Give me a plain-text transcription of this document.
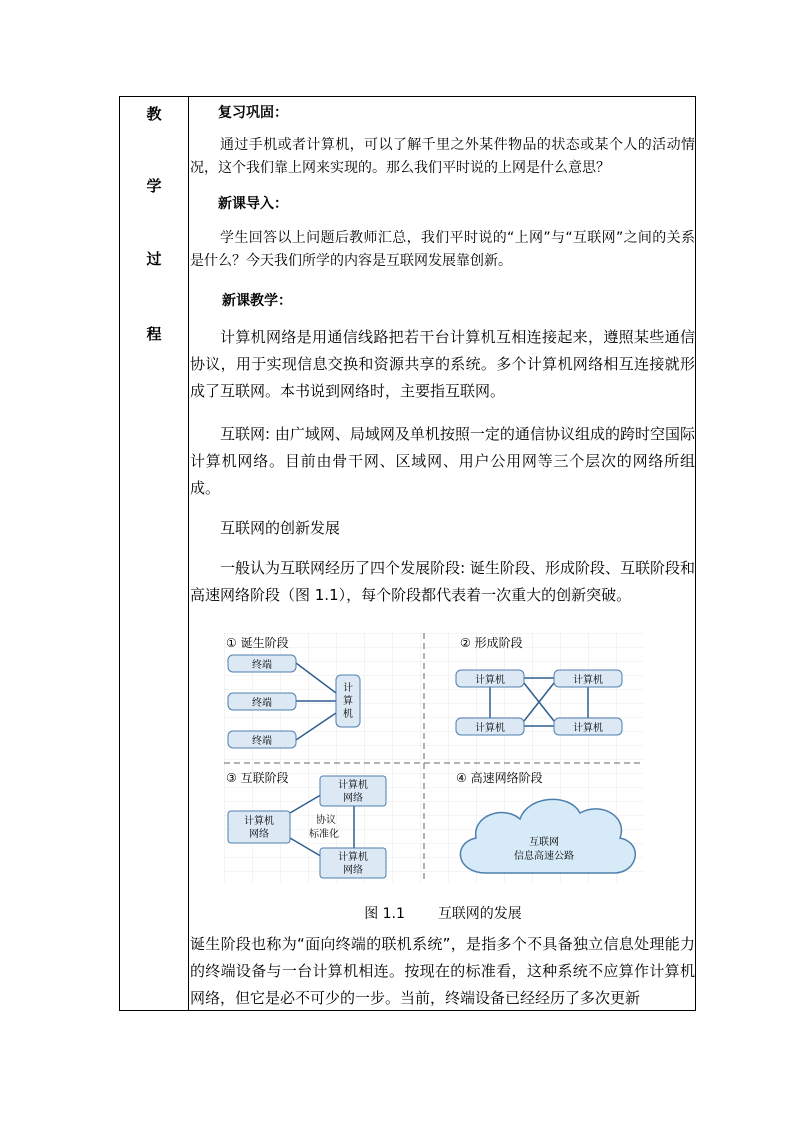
教
学
过
程
复习巩固：
通过手机或者计算机，可以了解千里之外某件物品的状态或某个人的活动情况，这个我们靠上网来实现的。那么我们平时说的上网是什么意思？
新课导入：
学生回答以上问题后教师汇总，我们平时说的“上网”与“互联网”之间的关系是什么？今天我们所学的内容是互联网发展靠创新。
新课教学：
计算机网络是用通信线路把若干台计算机互相连接起来，遵照某些通信协议，用于实现信息交换和资源共享的系统。多个计算机网络相互连接就形成了互联网。本书说到网络时，主要指互联网。
互联网: 由广域网、局域网及单机按照一定的通信协议组成的跨时空国际计算机网络。目前由骨干网、区域网、用户公用网等三个层次的网络所组成。
互联网的创新发展
一般认为互联网经历了四个发展阶段: 诞生阶段、形成阶段、互联阶段和高速网络阶段（图 1.1），每个阶段都代表着一次重大的创新突破。
① 诞生阶段
终端
终端
终端
计
算
机
② 形成阶段
计算机	计算机
计算机	计算机
③ 互联阶段
计算机
网络
计算机
网络
计算机
网络
协议
标准化
④ 高速网络阶段
互联网
信息高速公路
图 1.1 互联网的发展
诞生阶段也称为“面向终端的联机系统”，是指多个不具备独立信息处理能力的终端设备与一台计算机相连。按现在的标准看，这种系统不应算作计算机网络，但它是必不可少的一步。当前，终端设备已经经历了多次更新
